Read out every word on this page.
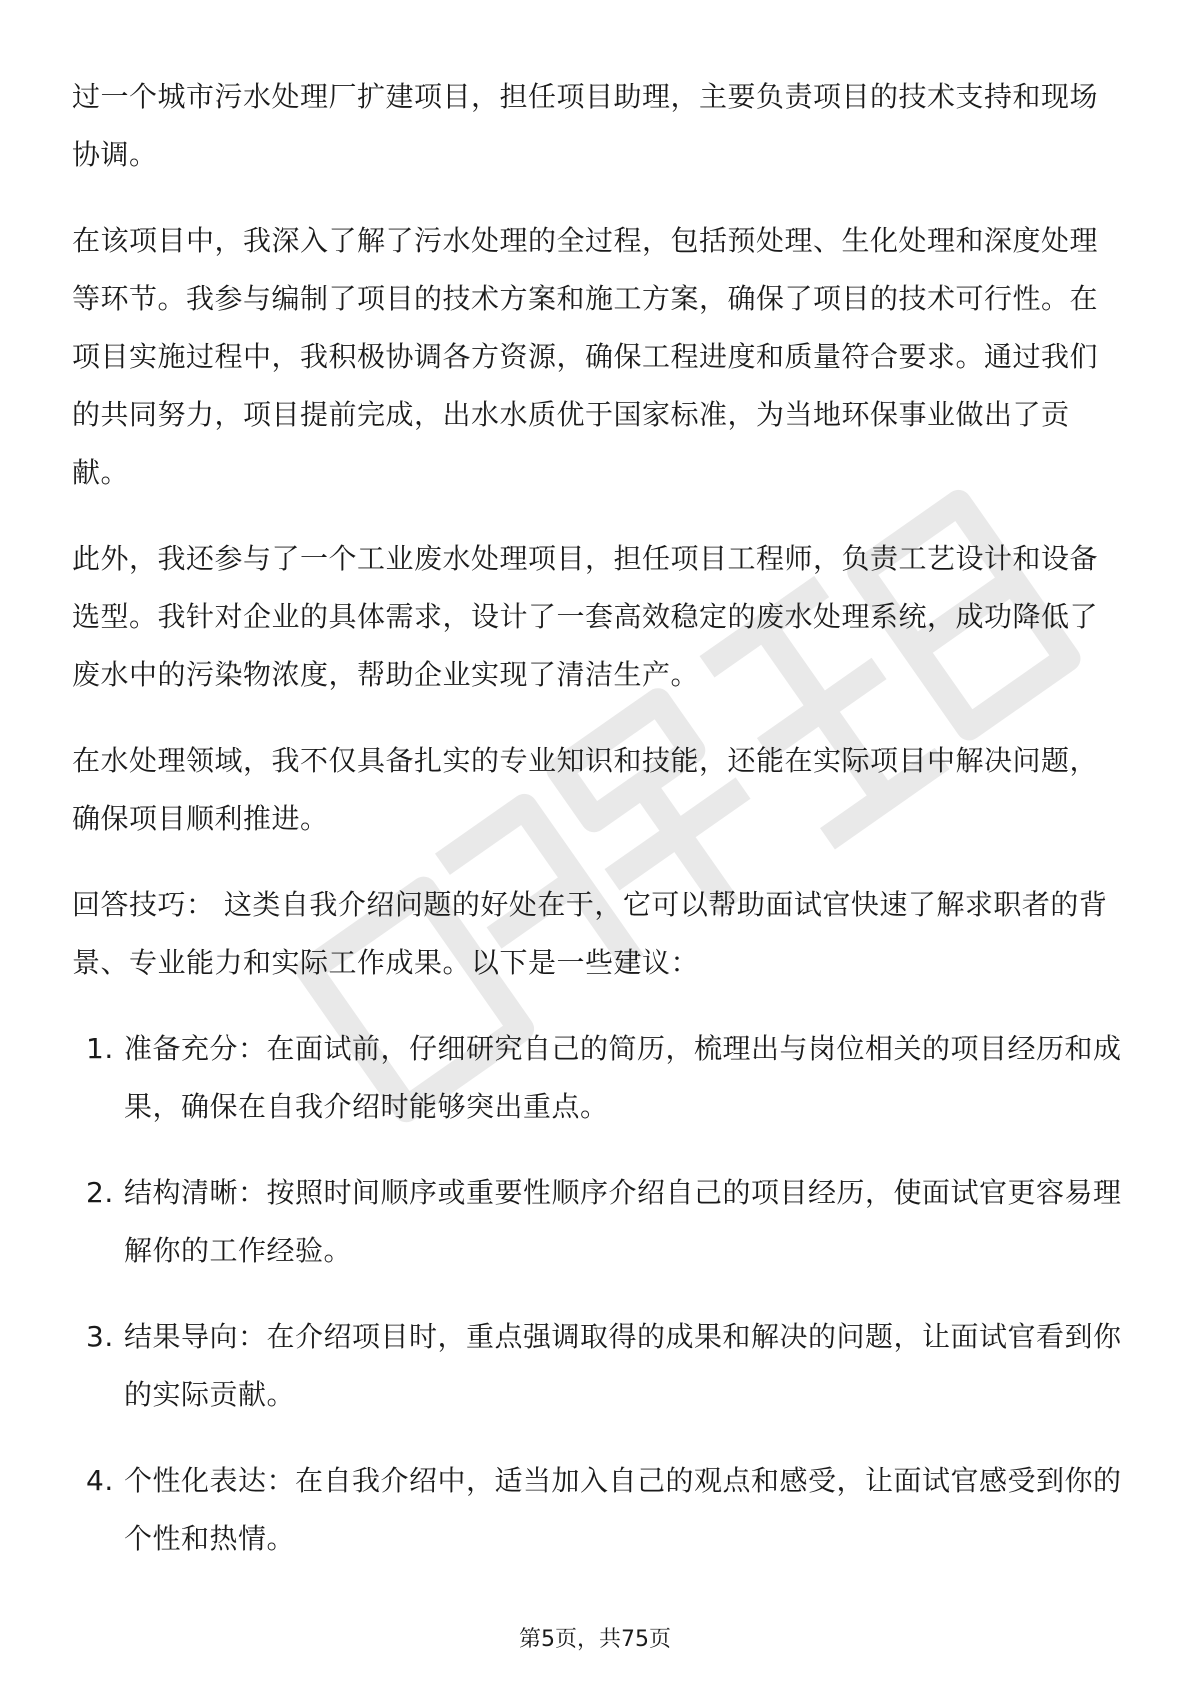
过一个城市污水处理厂扩建项目，担任项目助理，主要负责项目的技术支持和现场协调。

在该项目中，我深入了解了污水处理的全过程，包括预处理、生化处理和深度处理等环节。我参与编制了项目的技术方案和施工方案，确保了项目的技术可行性。在项目实施过程中，我积极协调各方资源，确保工程进度和质量符合要求。通过我们的共同努力，项目提前完成，出水水质优于国家标准，为当地环保事业做出了贡献。

此外，我还参与了一个工业废水处理项目，担任项目工程师，负责工艺设计和设备选型。我针对企业的具体需求，设计了一套高效稳定的废水处理系统，成功降低了废水中的污染物浓度，帮助企业实现了清洁生产。

在水处理领域，我不仅具备扎实的专业知识和技能，还能在实际项目中解决问题，确保项目顺利推进。

回答技巧： 这类自我介绍问题的好处在于，它可以帮助面试官快速了解求职者的背景、专业能力和实际工作成果。以下是一些建议：

1. 准备充分：在面试前，仔细研究自己的简历，梳理出与岗位相关的项目经历和成果，确保在自我介绍时能够突出重点。
2. 结构清晰：按照时间顺序或重要性顺序介绍自己的项目经历，使面试官更容易理解你的工作经验。
3. 结果导向：在介绍项目时，重点强调取得的成果和解决的问题，让面试官看到你的实际贡献。
4. 个性化表达：在自我介绍中，适当加入自己的观点和感受，让面试官感受到你的个性和热情。
第5页，共75页
